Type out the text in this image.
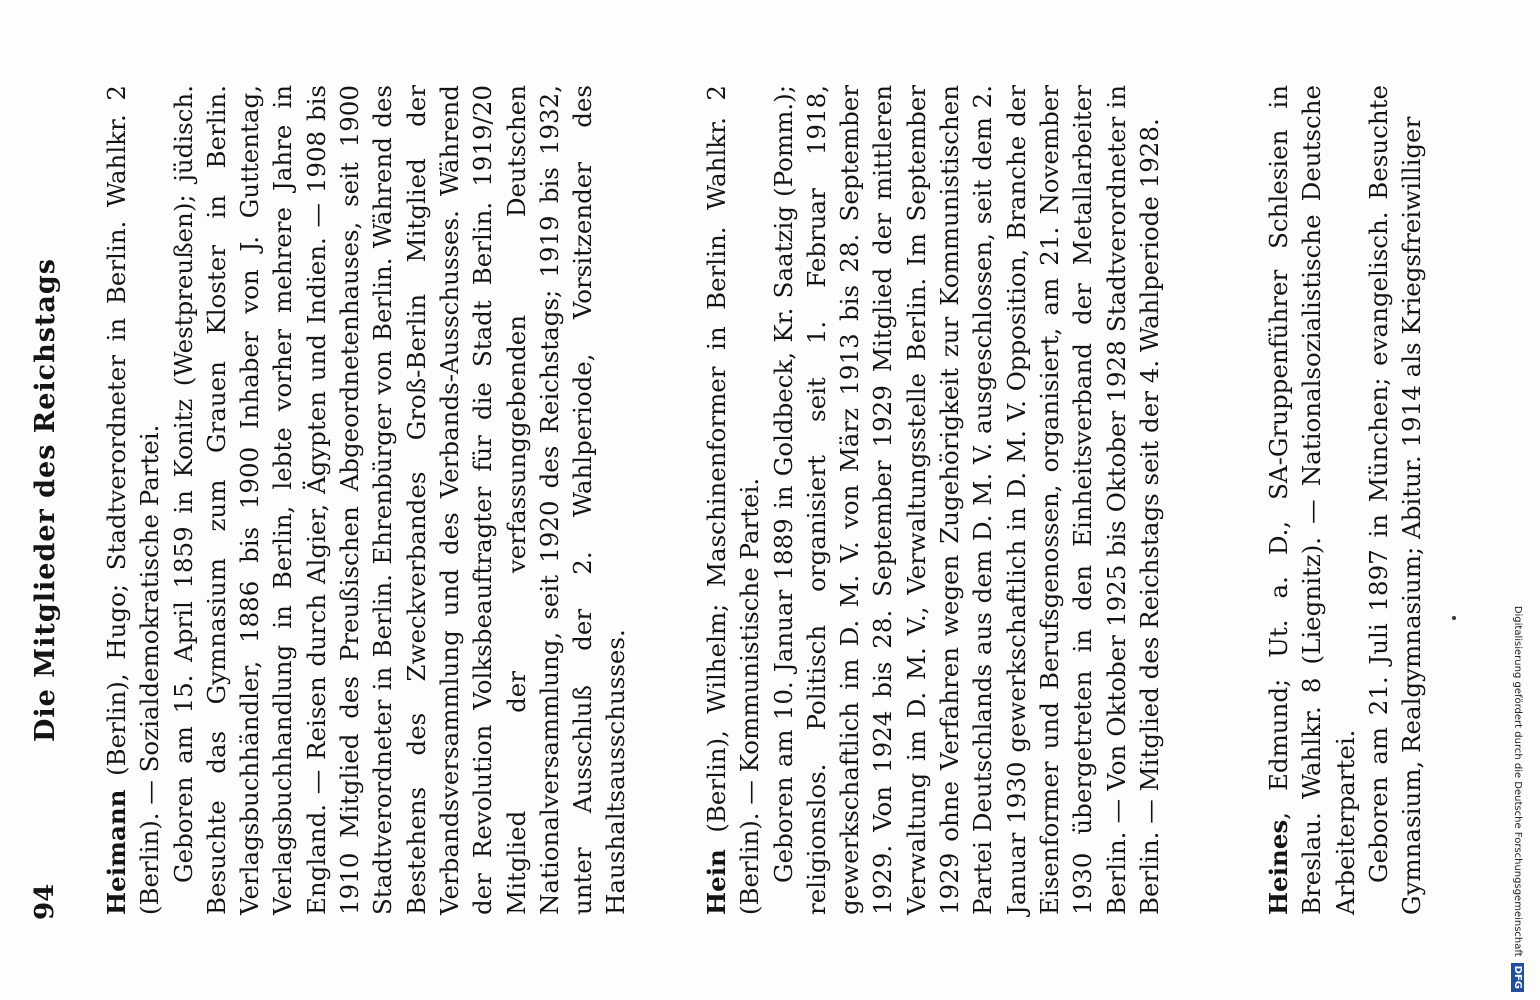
94
Die Mitglieder des Reichstags

Heimann (Berlin), Hugo; Stadtverordneter in Berlin. Wahlkr. 2 (Berlin). — Sozialdemokratische Partei. Geboren am 15. April 1859 in Konitz (Westpreußen); jüdisch. Besuchte das Gymnasium zum Grauen Kloster in Berlin. Verlagsbuchhändler, 1886 bis 1900 Inhaber von J. Guttentag, Verlagsbuchhandlung in Berlin, lebte vorher mehrere Jahre in England. — Reisen durch Algier, Ägypten und Indien. — 1908 bis 1910 Mitglied des Preußischen Abgeordnetenhauses, seit 1900 Stadtverordneter in Berlin. Ehrenbürger von Berlin. Während des Bestehens des Zweckverbandes Groß-Berlin Mitglied der Verbandsversammlung und des Verbands-Ausschusses. Während der Revolution Volksbeauftragter für die Stadt Berlin. 1919/20 Mitglied der verfassunggebenden Deutschen Nationalversammlung, seit 1920 des Reichstags; 1919 bis 1932, unter Ausschluß der 2. Wahlperiode, Vorsitzender des Haushaltsausschusses.	Hein (Berlin), Wilhelm; Maschinenformer in Berlin. Wahlkr. 2 (Berlin). — Kommunistische Partei. Geboren am 10. Januar 1889 in Goldbeck, Kr. Saatzig (Pomm.); religionslos. Politisch organisiert seit 1. Februar 1918, gewerkschaftlich im D. M. V. von März 1913 bis 28. September 1929. Von 1924 bis 28. September 1929 Mitglied der mittleren Verwaltung im D. M. V., Verwaltungsstelle Berlin. Im September 1929 ohne Verfahren wegen Zugehörigkeit zur Kommunistischen Partei Deutschlands aus dem D. M. V. ausgeschlossen, seit dem 2. Januar 1930 gewerkschaftlich in D. M. V. Opposition, Branche der Eisenformer und Berufsgenossen, organisiert, am 21. November 1930 übergetreten in den Einheitsverband der Metallarbeiter Berlin. — Von Oktober 1925 bis Oktober 1928 Stadtverordneter in Berlin. — Mitglied des Reichstags seit der 4. Wahlperiode 1928.	Heines, Edmund; Ut. a. D., SA-Gruppenführer Schlesien in Breslau. Wahlkr. 8 (Liegnitz). — Nationalsozialistische Deutsche Arbeiterpartei. Geboren am 21. Juli 1897 in München; evangelisch. Besuchte Gymnasium, Realgymnasium; Abitur. 1914 als Kriegsfreiwilliger	Digitalisierung gefördert durch die Deutsche Forschungsgemeinschaft
DFG
